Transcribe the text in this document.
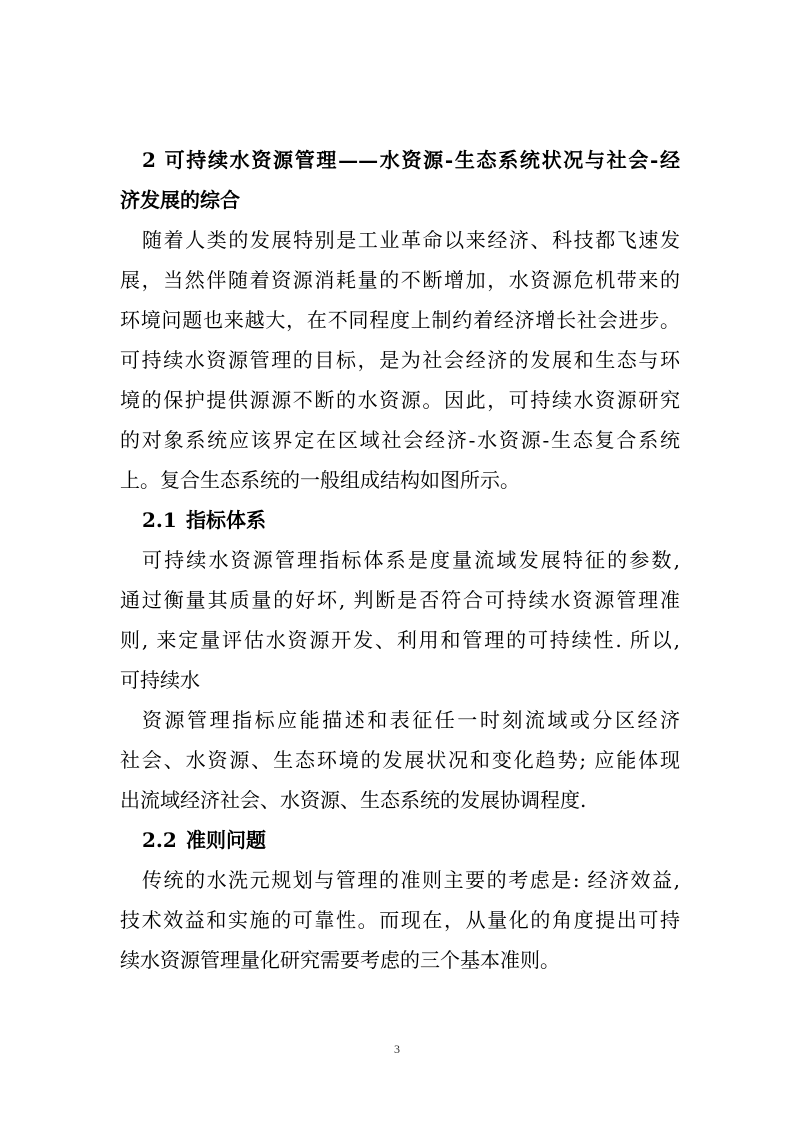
2 可持续水资源管理——水资源-生态系统状况与社会-经
济发展的综合
随着人类的发展特别是工业革命以来经济、科技都飞速发
展，当然伴随着资源消耗量的不断增加，水资源危机带来的
环境问题也来越大，在不同程度上制约着经济增长社会进步。
可持续水资源管理的目标，是为社会经济的发展和生态与环
境的保护提供源源不断的水资源。因此，可持续水资源研究
的对象系统应该界定在区域社会经济-水资源-生态复合系统
上。复合生态系统的一般组成结构如图所示。
2.1 指标体系
可持续水资源管理指标体系是度量流域发展特征的参数,
通过衡量其质量的好坏, 判断是否符合可持续水资源管理准
则, 来定量评估水资源开发、利用和管理的可持续性. 所以,
可持续水
资源管理指标应能描述和表征任一时刻流域或分区经济
社会、水资源、生态环境的发展状况和变化趋势; 应能体现
出流域经济社会、水资源、生态系统的发展协调程度.
2.2 准则问题
传统的水洗元规划与管理的准则主要的考虑是: 经济效益,
技术效益和实施的可靠性。而现在，从量化的角度提出可持
续水资源管理量化研究需要考虑的三个基本准则。
3
